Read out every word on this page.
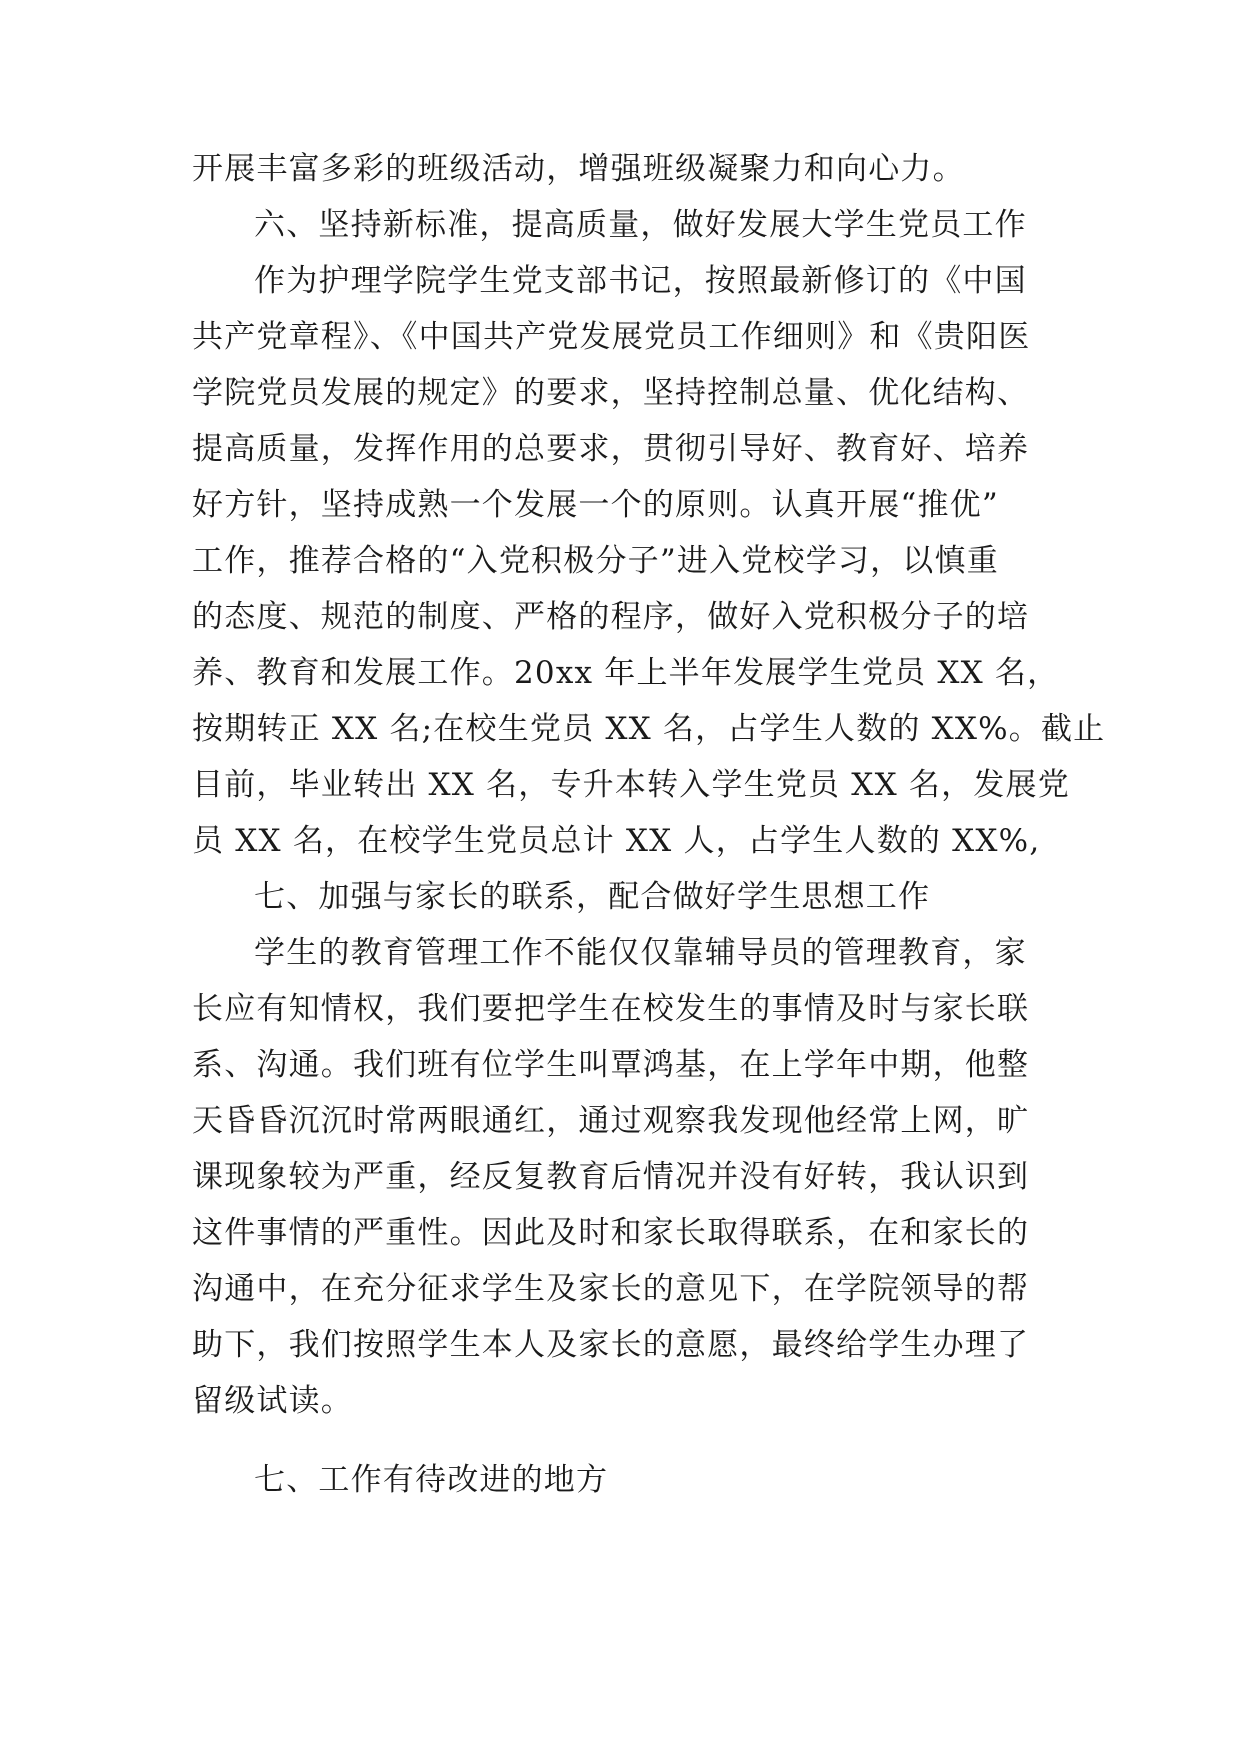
开展丰富多彩的班级活动，增强班级凝聚力和向心力。
六、坚持新标准，提高质量，做好发展大学生党员工作
作为护理学院学生党支部书记，按照最新修订的《中国
共产党章程》、《中国共产党发展党员工作细则》和《贵阳医
学院党员发展的规定》的要求，坚持控制总量、优化结构、
提高质量，发挥作用的总要求，贯彻引导好、教育好、培养
好方针，坚持成熟一个发展一个的原则。认真开展“推优”
工作，推荐合格的“入党积极分子”进入党校学习，以慎重
的态度、规范的制度、严格的程序，做好入党积极分子的培
养、教育和发展工作。20xx 年上半年发展学生党员 XX 名，
按期转正 XX 名;在校生党员 XX 名，占学生人数的 XX%。截止
目前，毕业转出 XX 名，专升本转入学生党员 XX 名，发展党
员 XX 名，在校学生党员总计 XX 人，占学生人数的 XX%,
七、加强与家长的联系，配合做好学生思想工作
学生的教育管理工作不能仅仅靠辅导员的管理教育，家
长应有知情权，我们要把学生在校发生的事情及时与家长联
系、沟通。我们班有位学生叫覃鸿基，在上学年中期，他整
天昏昏沉沉时常两眼通红，通过观察我发现他经常上网，旷
课现象较为严重，经反复教育后情况并没有好转，我认识到
这件事情的严重性。因此及时和家长取得联系，在和家长的
沟通中，在充分征求学生及家长的意见下，在学院领导的帮
助下，我们按照学生本人及家长的意愿，最终给学生办理了
留级试读。
七、工作有待改进的地方
